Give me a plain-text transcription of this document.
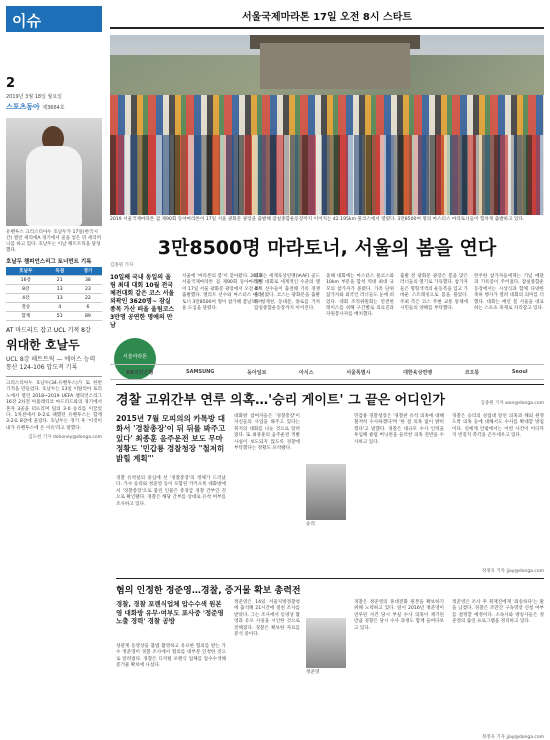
이슈
2
2019년 3월 18일 월요일
스포츠동아 제3664호
유벤투스 크리스티아누 호날두가 17일(한국시간) 열린 세리에A 경기에서 골을 넣은 뒤 세리머니를 하고 있다. 호날두는 이날 해트트릭을 달성했다.
호날두 챔피언스리그 토너먼트 기록
호날두	득점	경기
16강	21	38
8강	13	23
4강	13	22
결승	4	6
합계	51	89
AT 마드리드 잡고 UCL 기적 8강
위대한 호날두
UCL 8강 해트트릭 — 에이스 능력 통산 124-106 압도적 기록
크리스티아누 호날두(34·유벤투스)가 또 한번 기적을 만들었다. 호날두는 13일 이탈리아 토리노에서 열린 2018~2019 UEFA 챔피언스리그 16강 2차전 아틀레티코 마드리드와의 경기에서 혼자 3골을 터뜨리며 팀의 3-0 승리를 이끌었다. 1차전에서 0-2로 패했던 유벤투스는 합계 3-2로 8강에 올랐다. 호날두는 경기 후 '이것이 내가 유벤투스에 온 이유'라고 말했다.
김도헌 기자 dohoney@donga.com
서울국제마라톤 17일 오전 8시 스타트
2019 서울국제마라톤 겸 제90회 동아마라톤이 17일 서울 광화문 광장을 출발해 잠실종합운동장까지 이어지는 42.195km 풀코스에서 열렸다. 3만8500여 명의 마스터스 마라토너들이 힘차게 출발하고 있다.
3만8500명 마라토너, 서울의 봄을 연다
김종원 기자
10일째 국내 동일의 올림 최대 대회 10월 전국체전대회 같은 코스 서울 외곽인 3620명~ 잠실 종목 가산 떠올 올림코스 3만명 공연한 명예의 만남
서울마라톤
서울에 '마라톤의 봄'이 찾아왔다. 2019 서울국제마라톤 겸 제90회 동아마라톤이 17일 서울 광화문 광장에서 오전 8시 출발했다. 엘리트 선수와 마스터스 마라토너 3만8500여 명이 참가해 봄날의 서울 도심을 달렸다.
대회는 세계육상연맹(IAAF) 골드 라벨 대회로 세계적인 수준의 엘리트 선수들이 출전해 기록 경쟁을 벌였다. 코스는 광화문을 출발해 청계천, 동대문, 종로를 거쳐 잠실종합운동장까지 이어진다.
올해 대회에는 마스터스 풀코스와 10km 부문을 합쳐 역대 최대 규모의 참가자가 몰렸다. 가족 단위 참가자와 외국인 러너들도 눈에 띄었다. 대회 조직위원회는 안전한 레이스를 위해 구간별로 의료진과 자원봉사자를 배치했다.
출발 전 광화문 광장은 봄을 맞은 러너들의 열기로 가득했다. 참가자들은 형형색색의 운동복을 입고 가벼운 스트레칭으로 몸을 풀었다. 주최 측은 코스 주변 교통 통제에 시민들의 양해를 부탁했다.
완주한 참가자들에게는 기념 메달과 기록증이 주어졌다. 잠실종합운동장에서는 시상식과 함께 다양한 축하 행사가 열려 대회의 의미를 더했다. 대회는 매년 봄 서울을 대표하는 스포츠 축제로 자리잡고 있다.
김종원 기자 won@donga.com
KB국민은행	SAMSUNG	동아일보	아식스	서울특별시	대한육상연맹	코오롱	Seoul
경찰 고위간부 연루 의혹…'승리 게이트' 그 끝은 어디인가
2015년 7월 모피의의 카톡방 대화서 '경찰총장'이 뒤 뒤를 봐주고 있다' 최종훈 음주운전 보도 무마 정황도 '민갑룡 경찰청장 "철저히 밝힐 계획"'
경찰 유착설의 중심에 선 '경찰총장'의 정체가 드러났다. 가수 승리와 정준영 등이 포함된 카카오톡 대화방에서 '경찰총장'으로 불린 인물은 총경급 경찰 간부인 것으로 확인됐다. 경찰은 해당 간부를 상대로 유착 여부를 조사하고 있다.
대화방 참여자들은 '경찰총장'이 자신들의 사업을 봐주고 있다는 취지의 대화를 나눈 것으로 알려졌다. 또 최종훈의 음주운전 적발 사실이 보도되지 않도록 경찰에 부탁했다는 정황도 포착됐다.
승리
민갑룡 경찰청장은 '경찰관 유착 의혹에 대해 철저히 수사하겠다'며 '한 점 의혹 없이 밝히겠다'고 말했다. 경찰은 대규모 수사 인력을 투입해 클럽 버닝썬을 둘러싼 의혹 전반을 수사하고 있다.
경찰은 승리의 성접대 알선 의혹과 해외 원정 도박 의혹 등에 대해서도 수사를 확대할 방침이다. 연예계 안팎에서는 이번 사건이 어디까지 번질지 촉각을 곤두세우고 있다.
정정욱 기자 jjay@donga.com
혐의 인정한 정준영…경찰, 증거물 확보 총력전
경찰, 경찰 포렌식업체 압수수색 원본영 대화방 유무·여부도 포사중 '정준영 노출 경력' 경찰 공방
성관계 동영상을 불법 촬영하고 유포한 혐의를 받는 가수 정준영이 경찰 조사에서 혐의를 대부분 인정한 것으로 알려졌다. 경찰은 디지털 포렌식 업체를 압수수색해 증거물 확보에 나섰다.
정준영은 14일 서울지방경찰청에 출석해 21시간에 걸친 조사를 받았다. 그는 조사에서 동영상 촬영과 유포 사실을 시인한 것으로 전해졌다. 경찰은 확보한 자료를 분석 중이다.
정준영
경찰은 정준영의 휴대전화 원본을 확보하기 위해 노력하고 있다. 앞서 2016년 정준영이 연루된 사건 당시 부실 수사 의혹이 제기된 만큼 경찰은 당시 수사 과정도 함께 들여다보고 있다.
정준영은 조사 후 취재진에게 '죄송하다'는 말을 남겼다. 경찰은 조만간 구속영장 신청 여부를 결정할 예정이다. 소속사와 방송사들은 정준영의 출연 프로그램을 정리하고 있다.
정정욱 기자 jjay@donga.com
